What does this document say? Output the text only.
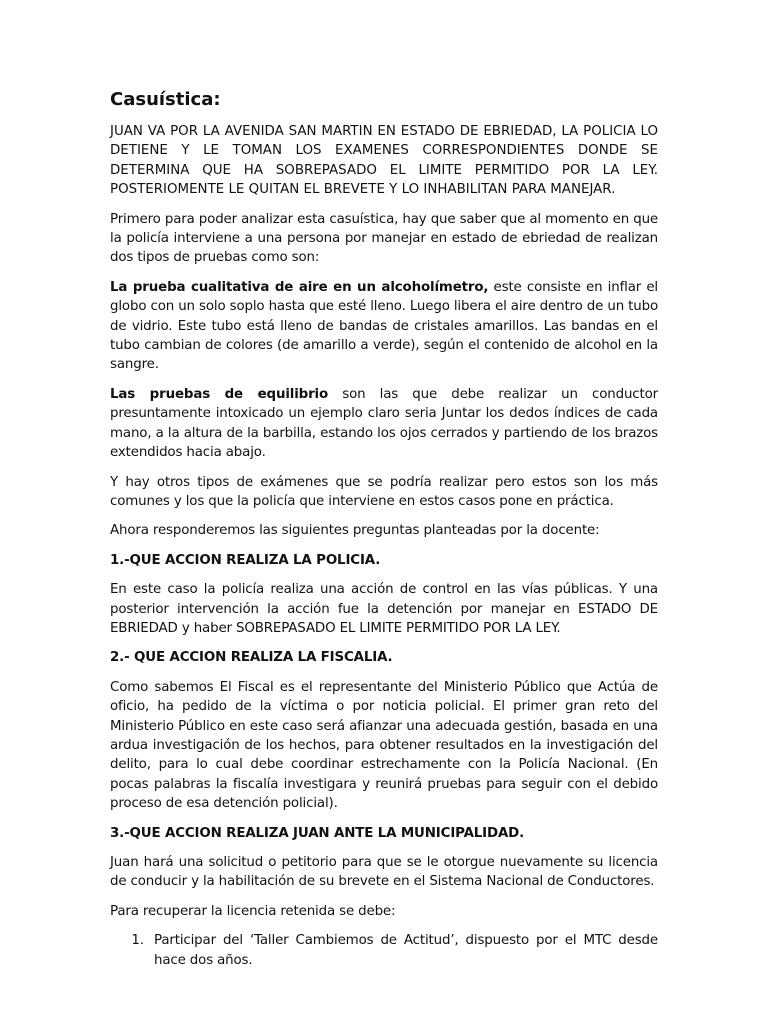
Casuística:

JUAN VA POR LA AVENIDA SAN MARTIN EN ESTADO DE EBRIEDAD, LA POLICIA LO DETIENE Y LE TOMAN LOS EXAMENES CORRESPONDIENTES DONDE SE DETERMINA QUE HA SOBREPASADO EL LIMITE PERMITIDO POR LA LEY. POSTERIOMENTE LE QUITAN EL BREVETE Y LO INHABILITAN PARA MANEJAR.

Primero para poder analizar esta casuística, hay que saber que al momento en que la policía interviene a una persona por manejar en estado de ebriedad de realizan dos tipos de pruebas como son:

La prueba cualitativa de aire en un alcoholímetro, este consiste en inflar el globo con un solo soplo hasta que esté lleno. Luego libera el aire dentro de un tubo de vidrio. Este tubo está lleno de bandas de cristales amarillos. Las bandas en el tubo cambian de colores (de amarillo a verde), según el contenido de alcohol en la sangre.

Las pruebas de equilibrio son las que debe realizar un conductor presuntamente intoxicado un ejemplo claro seria Juntar los dedos índices de cada mano, a la altura de la barbilla, estando los ojos cerrados y partiendo de los brazos extendidos hacia abajo.

Y hay otros tipos de exámenes que se podría realizar pero estos son los más comunes y los que la policía que interviene en estos casos pone en práctica.

Ahora responderemos las siguientes preguntas planteadas por la docente:

1.-QUE ACCION REALIZA LA POLICIA.

En este caso la policía realiza una acción de control en las vías públicas. Y una posterior intervención la acción fue la detención por manejar en ESTADO DE EBRIEDAD y haber SOBREPASADO EL LIMITE PERMITIDO POR LA LEY.

2.- QUE ACCION REALIZA LA FISCALIA.

Como sabemos El Fiscal es el representante del Ministerio Público que Actúa de oficio, ha pedido de la víctima o por noticia policial. El primer gran reto del Ministerio Público en este caso será afianzar una adecuada gestión, basada en una ardua investigación de los hechos, para obtener resultados en la investigación del delito, para lo cual debe coordinar estrechamente con la Policía Nacional. (En pocas palabras la fiscalía investigara y reunirá pruebas para seguir con el debido proceso de esa detención policial).

3.-QUE ACCION REALIZA JUAN ANTE LA MUNICIPALIDAD.

Juan hará una solicitud o petitorio para que se le otorgue nuevamente su licencia de conducir y la habilitación de su brevete en el Sistema Nacional de Conductores.

Para recuperar la licencia retenida se debe:

1. Participar del ‘Taller Cambiemos de Actitud’, dispuesto por el MTC desde hace dos años.
